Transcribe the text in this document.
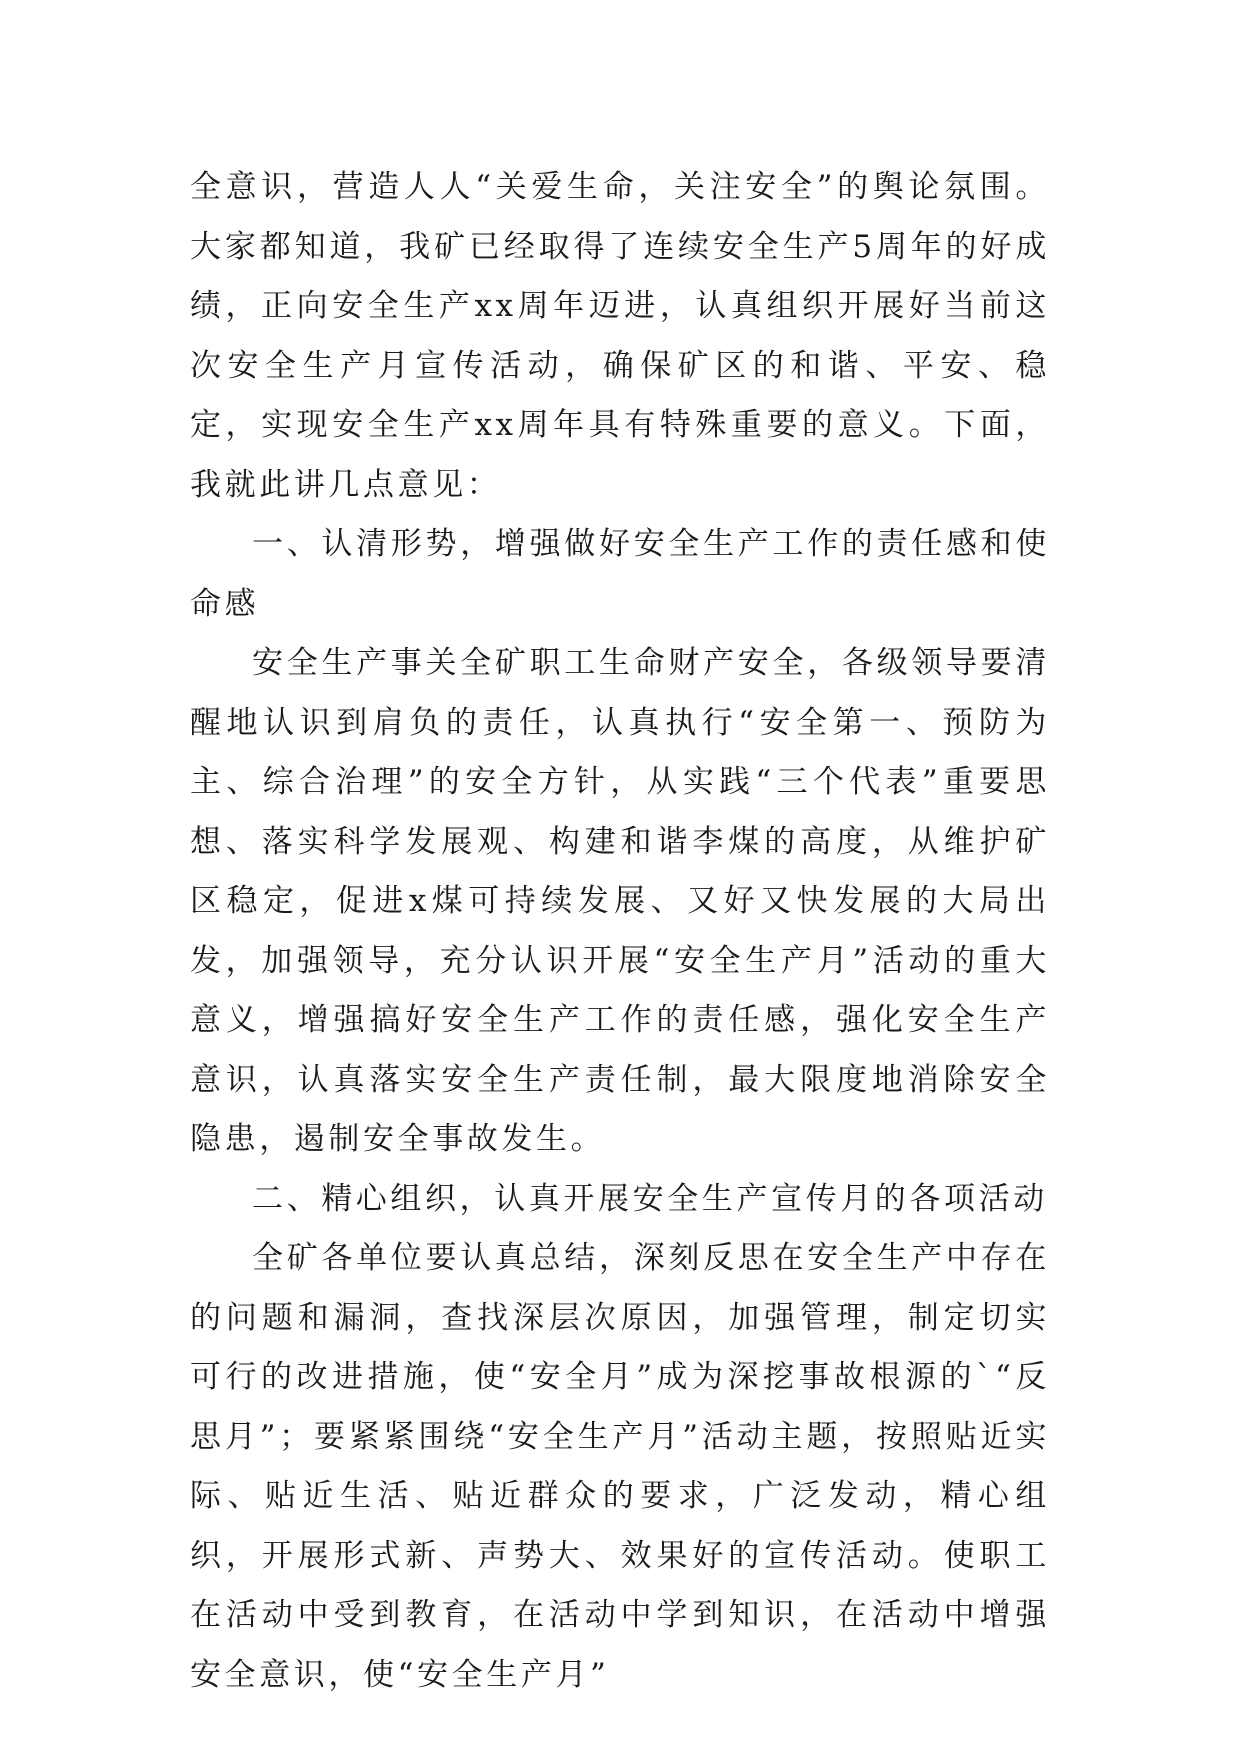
全意识，营造人人“关爱生命，关注安全”的舆论氛围。大家都知道，我矿已经取得了连续安全生产5周年的好成绩，正向安全生产xx周年迈进，认真组织开展好当前这次安全生产月宣传活动，确保矿区的和谐、平安、稳定，实现安全生产xx周年具有特殊重要的意义。下面，我就此讲几点意见：

一、认清形势，增强做好安全生产工作的责任感和使命感

安全生产事关全矿职工生命财产安全，各级领导要清醒地认识到肩负的责任，认真执行“安全第一、预防为主、综合治理”的安全方针，从实践“三个代表”重要思想、落实科学发展观、构建和谐李煤的高度，从维护矿区稳定，促进x煤可持续发展、又好又快发展的大局出发，加强领导，充分认识开展“安全生产月”活动的重大意义，增强搞好安全生产工作的责任感，强化安全生产意识，认真落实安全生产责任制，最大限度地消除安全隐患，遏制安全事故发生。

二、精心组织，认真开展安全生产宣传月的各项活动

全矿各单位要认真总结，深刻反思在安全生产中存在的问题和漏洞，查找深层次原因，加强管理，制定切实可行的改进措施，使“安全月”成为深挖事故根源的`“反思月”；要紧紧围绕“安全生产月”活动主题，按照贴近实际、贴近生活、贴近群众的要求，广泛发动，精心组织，开展形式新、声势大、效果好的宣传活动。使职工在活动中受到教育，在活动中学到知识，在活动中增强安全意识，使“安全生产月”
